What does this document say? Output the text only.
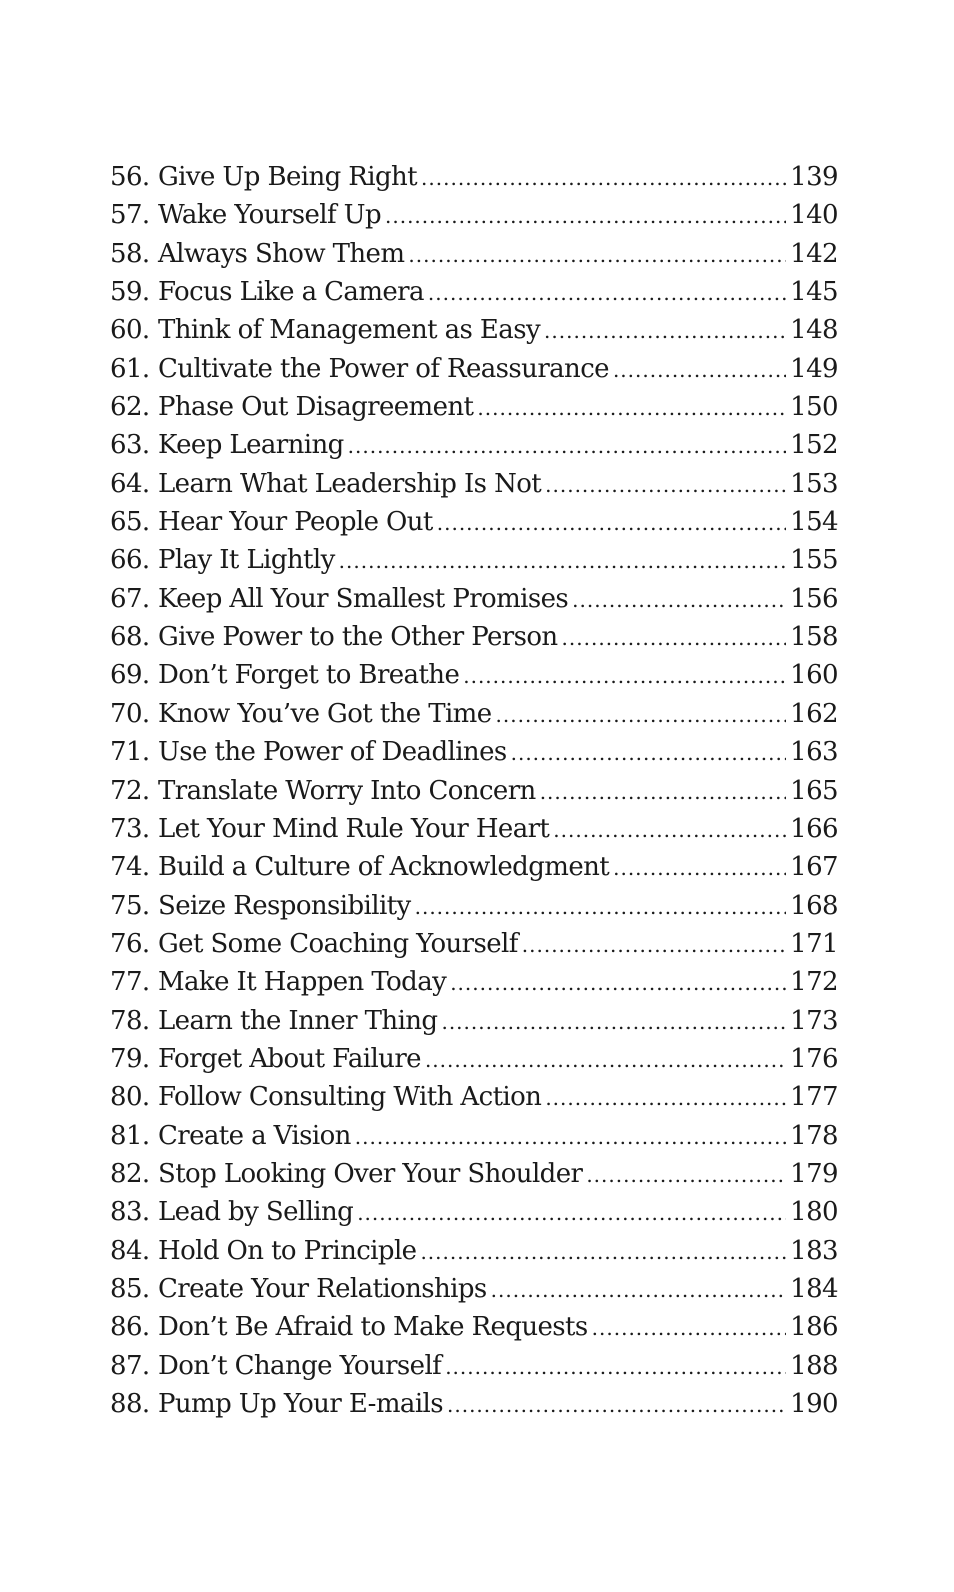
56. Give Up Being Right .....	139
57. Wake Yourself Up .....	140
58. Always Show Them .....	142
59. Focus Like a Camera .....	145
60. Think of Management as Easy .....	148
61. Cultivate the Power of Reassurance .....	149
62. Phase Out Disagreement .....	150
63. Keep Learning .....	152
64. Learn What Leadership Is Not .....	153
65. Hear Your People Out .....	154
66. Play It Lightly .....	155
67. Keep All Your Smallest Promises .....	156
68. Give Power to the Other Person .....	158
69. Don’t Forget to Breathe .....	160
70. Know You’ve Got the Time .....	162
71. Use the Power of Deadlines .....	163
72. Translate Worry Into Concern .....	165
73. Let Your Mind Rule Your Heart .....	166
74. Build a Culture of Acknowledgment .....	167
75. Seize Responsibility .....	168
76. Get Some Coaching Yourself .....	171
77. Make It Happen Today .....	172
78. Learn the Inner Thing .....	173
79. Forget About Failure .....	176
80. Follow Consulting With Action .....	177
81. Create a Vision .....	178
82. Stop Looking Over Your Shoulder .....	179
83. Lead by Selling .....	180
84. Hold On to Principle .....	183
85. Create Your Relationships .....	184
86. Don’t Be Afraid to Make Requests .....	186
87. Don’t Change Yourself .....	188
88. Pump Up Your E-mails .....	190
